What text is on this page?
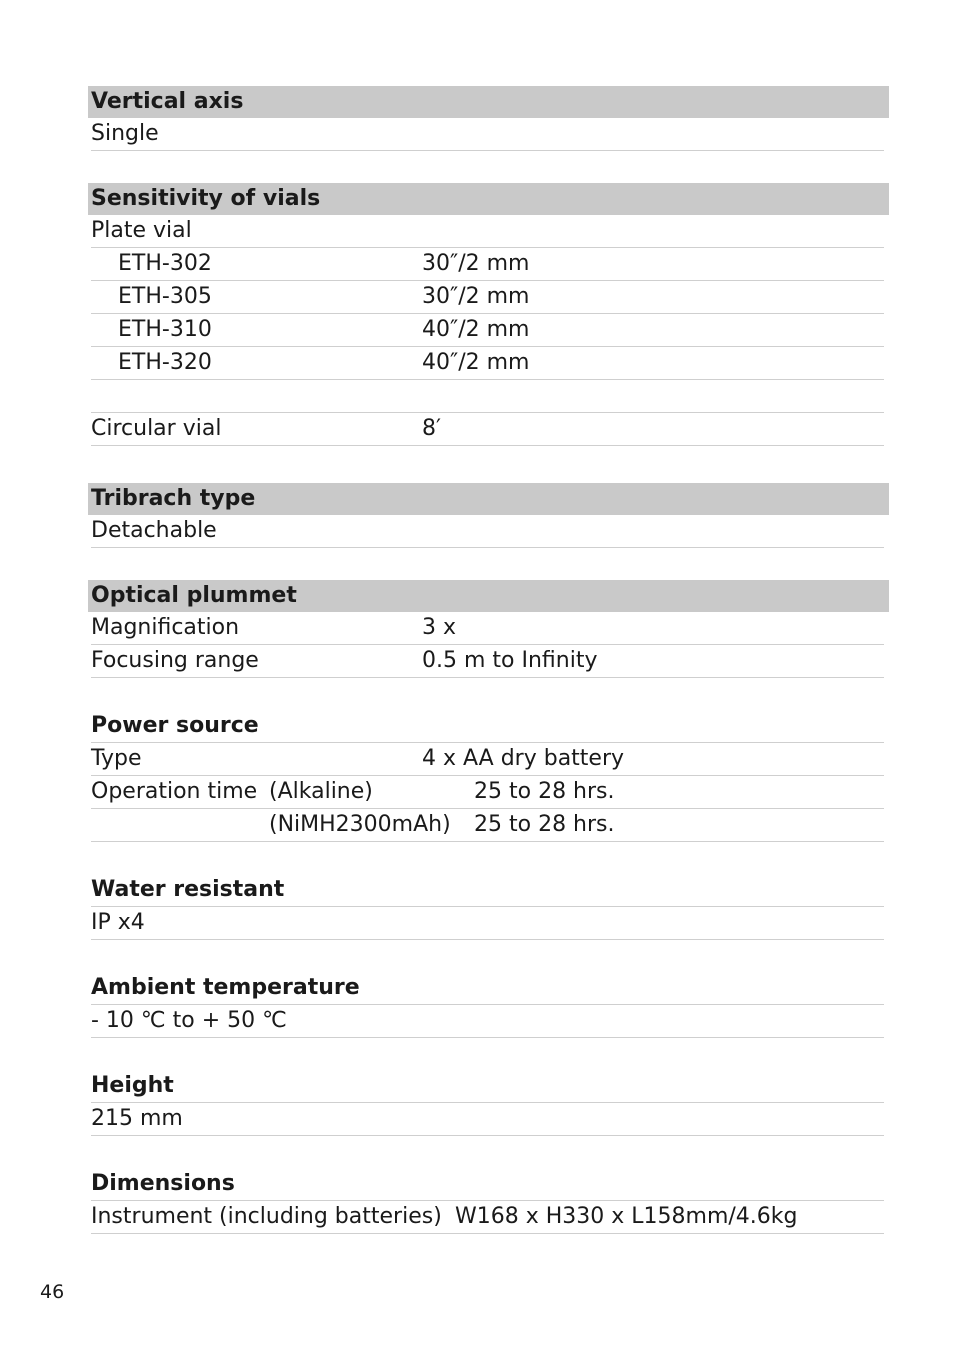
Vertical axis
Single
Sensitivity of vials
Plate vial
ETH-302	30″/2 mm
ETH-305	30″/2 mm
ETH-310	40″/2 mm
ETH-320	40″/2 mm
Circular vial	8′
Tribrach type
Detachable
Optical plummet
Magnification	3 x
Focusing range	0.5 m to Infinity
Power source
Type	4 x AA dry battery
Operation time (Alkaline)	25 to 28 hrs.
(NiMH2300mAh) 25 to 28 hrs.
Water resistant
IP x4
Ambient temperature
- 10 ℃ to + 50 ℃
Height
215 mm
Dimensions
Instrument (including batteries) W168 x H330 x L158mm/4.6kg
46
